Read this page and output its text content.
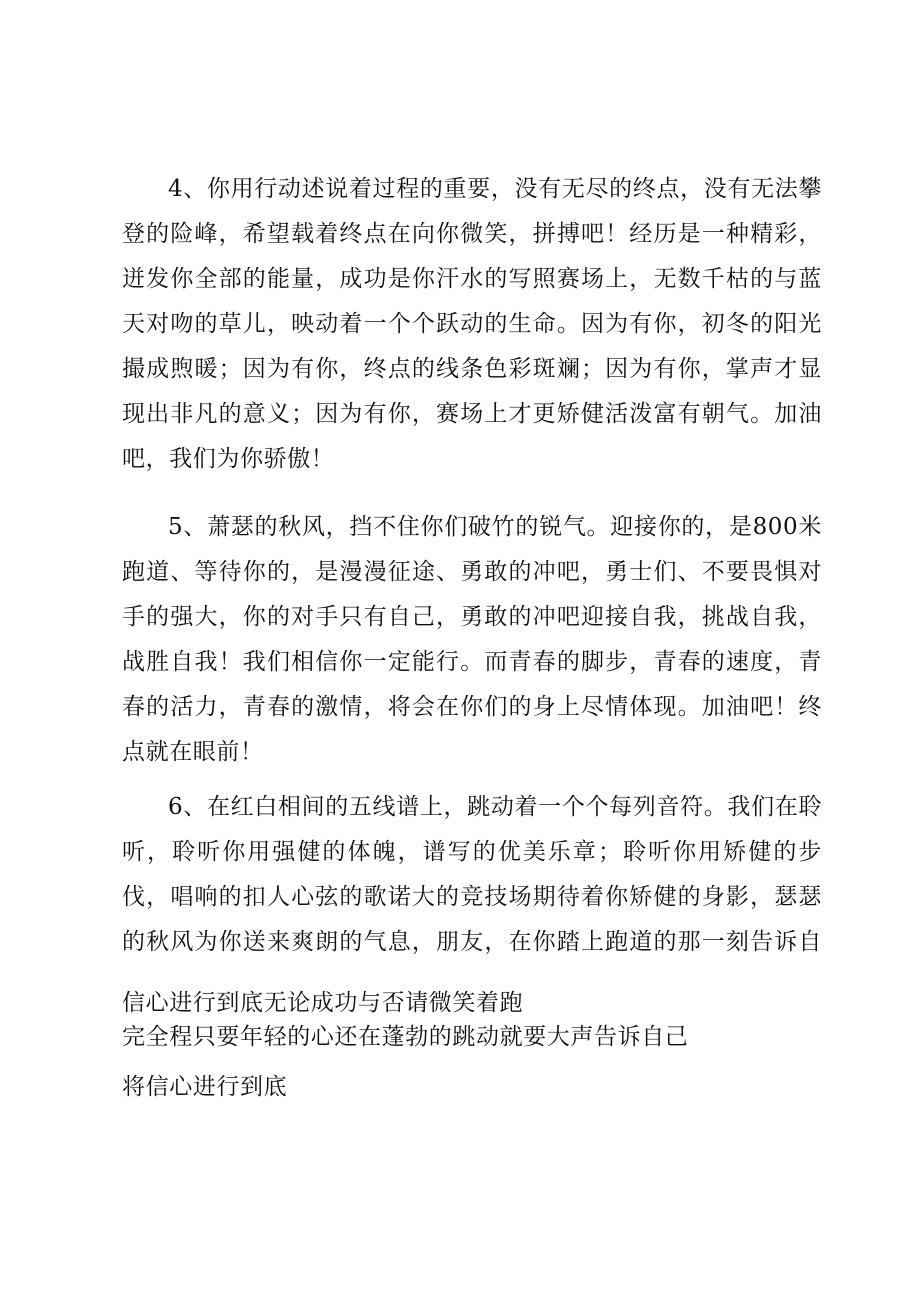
4、你用行动述说着过程的重要，没有无尽的终点，没有无法攀登的险峰，希望载着终点在向你微笑，拼搏吧！经历是一种精彩，迸发你全部的能量，成功是你汗水的写照赛场上，无数千枯的与蓝天对吻的草儿，映动着一个个跃动的生命。因为有你，初冬的阳光撮成煦暖；因为有你，终点的线条色彩斑斓；因为有你，掌声才显现出非凡的意义；因为有你，赛场上才更矫健活泼富有朝气。加油吧，我们为你骄傲！

5、萧瑟的秋风，挡不住你们破竹的锐气。迎接你的，是800米跑道、等待你的，是漫漫征途、勇敢的冲吧，勇士们、不要畏惧对手的强大，你的对手只有自己，勇敢的冲吧迎接自我，挑战自我，战胜自我！我们相信你一定能行。而青春的脚步，青春的速度，青春的活力，青春的激情，将会在你们的身上尽情体现。加油吧！终点就在眼前！

6、在红白相间的五线谱上，跳动着一个个每列音符。我们在聆听，聆听你用强健的体魄，谱写的优美乐章；聆听你用矫健的步伐，唱响的扣人心弦的歌诺大的竞技场期待着你矫健的身影，瑟瑟的秋风为你送来爽朗的气息，朋友，在你踏上跑道的那一刻告诉自　　

信心进行到底无论成功与否请微笑着跑

完全程只要年轻的心还在蓬勃的跳动就要大声告诉自己

将信心进行到底
